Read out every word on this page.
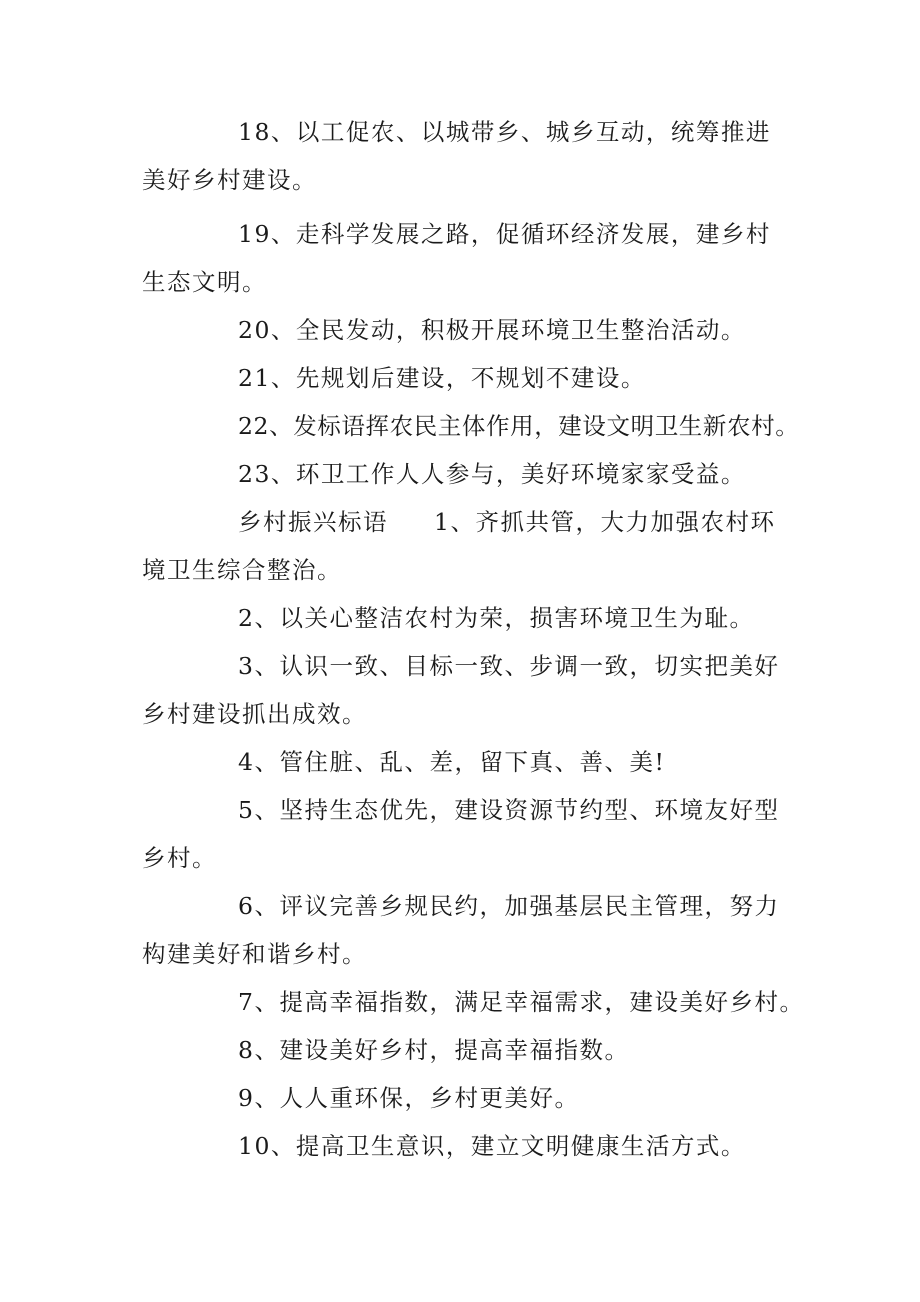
18、以工促农、以城带乡、城乡互动，统筹推进美好乡村建设。

19、走科学发展之路，促循环经济发展，建乡村生态文明。

20、全民发动，积极开展环境卫生整治活动。

21、先规划后建设，不规划不建设。

22、发标语挥农民主体作用，建设文明卫生新农村。

23、环卫工作人人参与，美好环境家家受益。

乡村振兴标语 1、齐抓共管，大力加强农村环境卫生综合整治。

2、以关心整洁农村为荣，损害环境卫生为耻。

3、认识一致、目标一致、步调一致，切实把美好乡村建设抓出成效。

4、管住脏、乱、差，留下真、善、美!

5、坚持生态优先，建设资源节约型、环境友好型乡村。

6、评议完善乡规民约，加强基层民主管理，努力构建美好和谐乡村。

7、提高幸福指数，满足幸福需求，建设美好乡村。

8、建设美好乡村，提高幸福指数。

9、人人重环保，乡村更美好。

10、提高卫生意识，建立文明健康生活方式。
